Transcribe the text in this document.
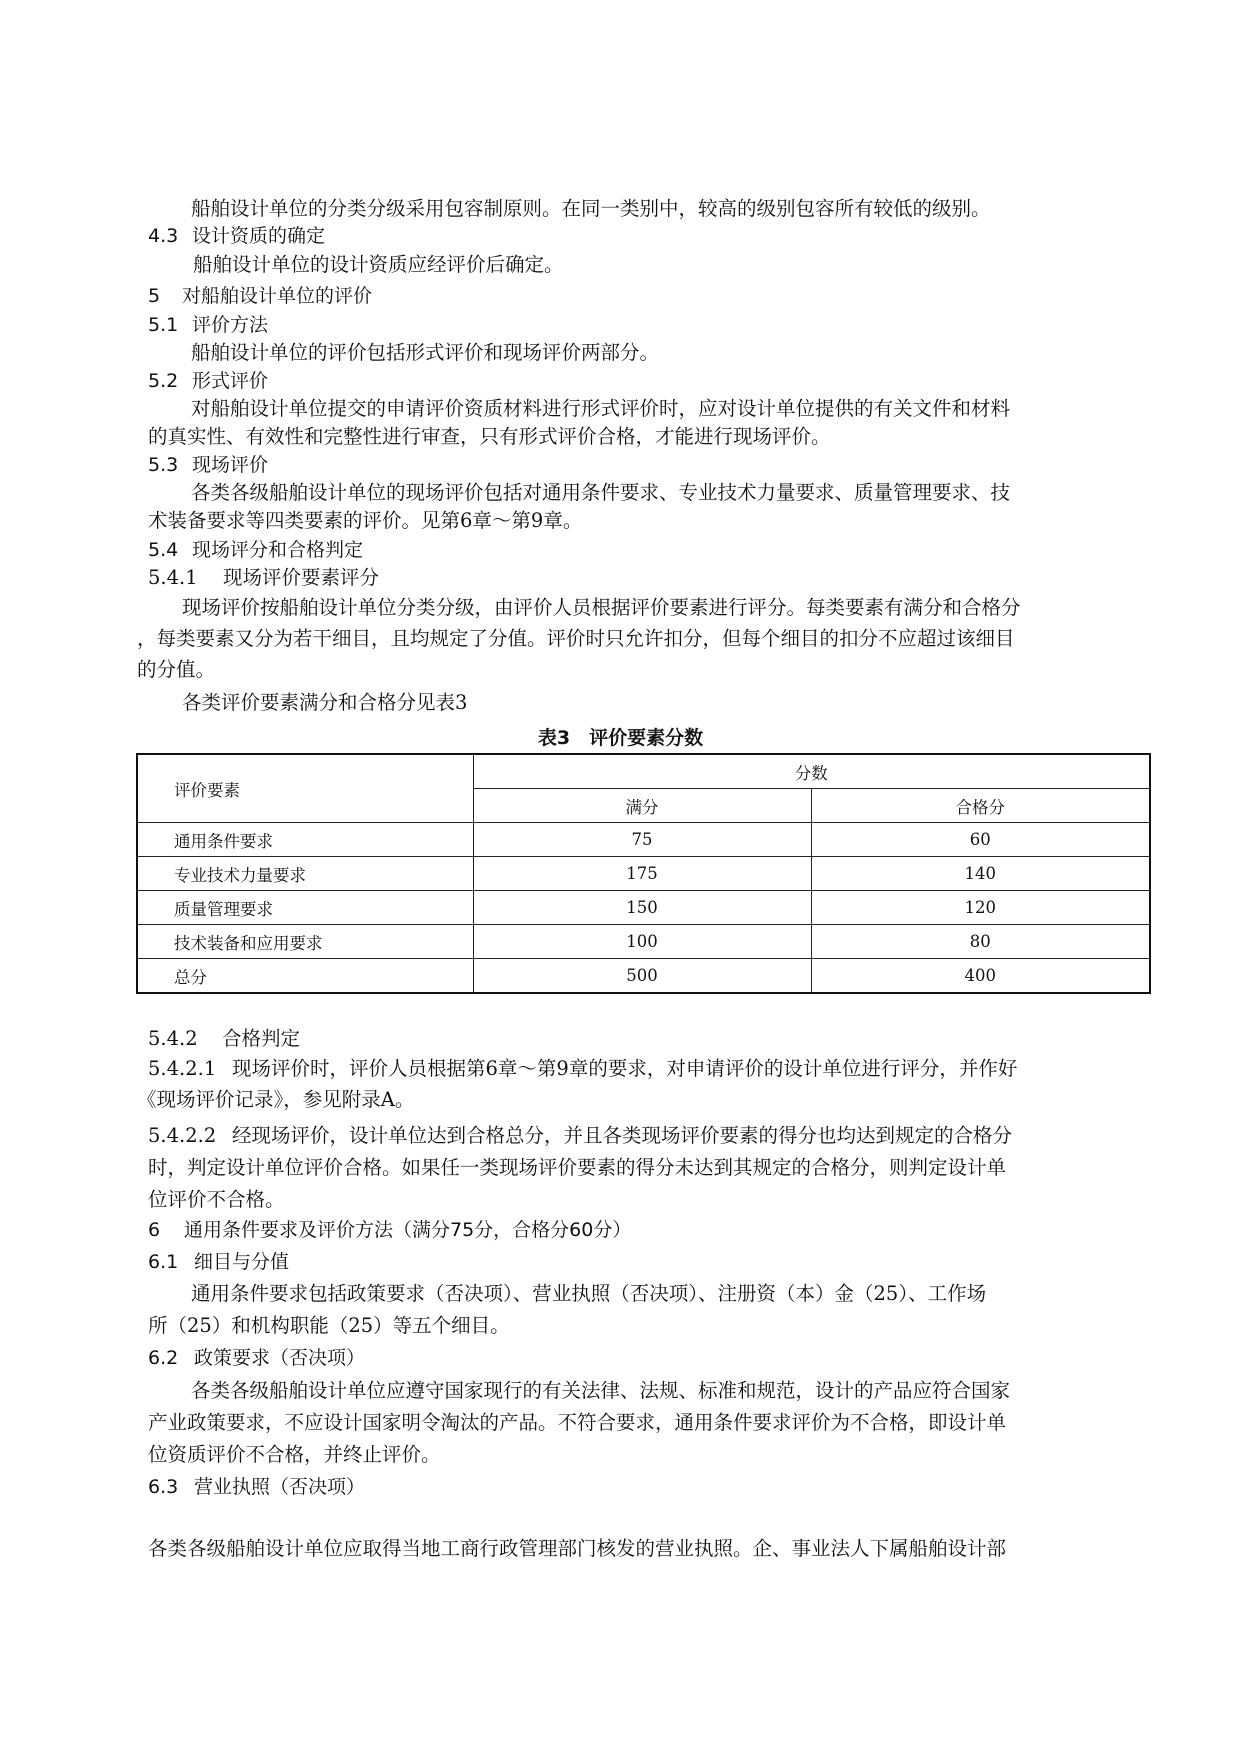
船舶设计单位的分类分级采用包容制原则。在同一类别中，较高的级别包容所有较低的级别。
4.3 设计资质的确定
船舶设计单位的设计资质应经评价后确定。
5 对船舶设计单位的评价
5.1 评价方法
船舶设计单位的评价包括形式评价和现场评价两部分。
5.2 形式评价
对船舶设计单位提交的申请评价资质材料进行形式评价时，应对设计单位提供的有关文件和材料
的真实性、有效性和完整性进行审查，只有形式评价合格，才能进行现场评价。
5.3 现场评价
各类各级船舶设计单位的现场评价包括对通用条件要求、专业技术力量要求、质量管理要求、技
术装备要求等四类要素的评价。见第6章～第9章。
5.4 现场评分和合格判定
5.4.1 现场评价要素评分
现场评价按船舶设计单位分类分级，由评价人员根据评价要素进行评分。每类要素有满分和合格分
，每类要素又分为若干细目，且均规定了分值。评价时只允许扣分，但每个细目的扣分不应超过该细目
的分值。
各类评价要素满分和合格分见表3
表3　评价要素分数
评价要素	分数	
	满分	合格分
通用条件要求	75	60
专业技术力量要求	175	140
质量管理要求	150	120
技术装备和应用要求	100	80
总分	500	400
5.4.2 合格判定
5.4.2.1 现场评价时，评价人员根据第6章～第9章的要求，对申请评价的设计单位进行评分，并作好
《现场评价记录》，参见附录A。
5.4.2.2 经现场评价，设计单位达到合格总分，并且各类现场评价要素的得分也均达到规定的合格分
时，判定设计单位评价合格。如果任一类现场评价要素的得分未达到其规定的合格分，则判定设计单
位评价不合格。
6 通用条件要求及评价方法（满分75分，合格分60分）
6.1 细目与分值
通用条件要求包括政策要求（否决项）、营业执照（否决项）、注册资（本）金（25）、工作场
所（25）和机构职能（25）等五个细目。
6.2 政策要求（否决项）
各类各级船舶设计单位应遵守国家现行的有关法律、法规、标准和规范，设计的产品应符合国家
产业政策要求，不应设计国家明令淘汰的产品。不符合要求，通用条件要求评价为不合格，即设计单
位资质评价不合格，并终止评价。
6.3 营业执照（否决项）
各类各级船舶设计单位应取得当地工商行政管理部门核发的营业执照。企、事业法人下属船舶设计部
